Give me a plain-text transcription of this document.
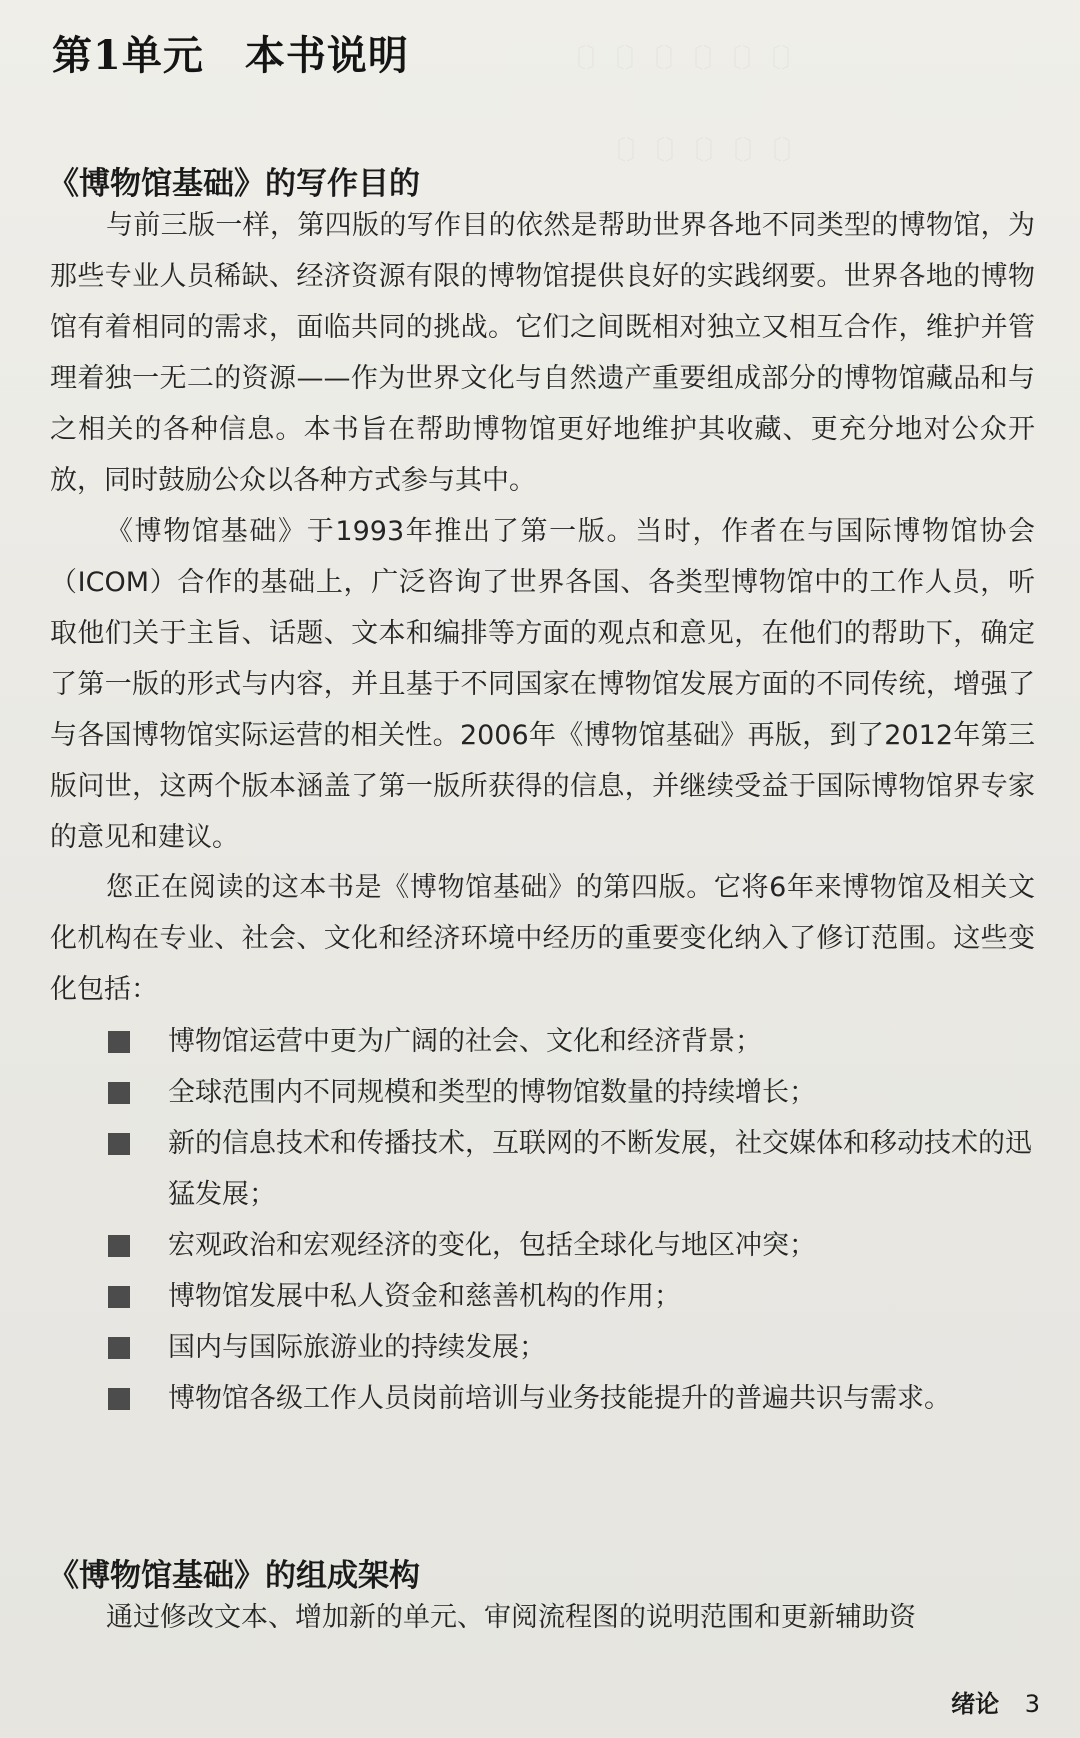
第1单元　本书说明
《博物馆基础》的写作目的

与前三版一样，第四版的写作目的依然是帮助世界各地不同类型的博物馆，为那些专业人员稀缺、经济资源有限的博物馆提供良好的实践纲要。世界各地的博物馆有着相同的需求，面临共同的挑战。它们之间既相对独立又相互合作，维护并管理着独一无二的资源——作为世界文化与自然遗产重要组成部分的博物馆藏品和与之相关的各种信息。本书旨在帮助博物馆更好地维护其收藏、更充分地对公众开放，同时鼓励公众以各种方式参与其中。

《博物馆基础》于1993年推出了第一版。当时，作者在与国际博物馆协会（ICOM）合作的基础上，广泛咨询了世界各国、各类型博物馆中的工作人员，听取他们关于主旨、话题、文本和编排等方面的观点和意见，在他们的帮助下，确定了第一版的形式与内容，并且基于不同国家在博物馆发展方面的不同传统，增强了与各国博物馆实际运营的相关性。2006年《博物馆基础》再版，到了2012年第三版问世，这两个版本涵盖了第一版所获得的信息，并继续受益于国际博物馆界专家的意见和建议。

您正在阅读的这本书是《博物馆基础》的第四版。它将6年来博物馆及相关文化机构在专业、社会、文化和经济环境中经历的重要变化纳入了修订范围。这些变化包括：

博物馆运营中更为广阔的社会、文化和经济背景；
全球范围内不同规模和类型的博物馆数量的持续增长；
新的信息技术和传播技术，互联网的不断发展，社交媒体和移动技术的迅猛发展；
宏观政治和宏观经济的变化，包括全球化与地区冲突；
博物馆发展中私人资金和慈善机构的作用；
国内与国际旅游业的持续发展；
博物馆各级工作人员岗前培训与业务技能提升的普遍共识与需求。
《博物馆基础》的组成架构

通过修改文本、增加新的单元、审阅流程图的说明范围和更新辅助资

绪论 3
